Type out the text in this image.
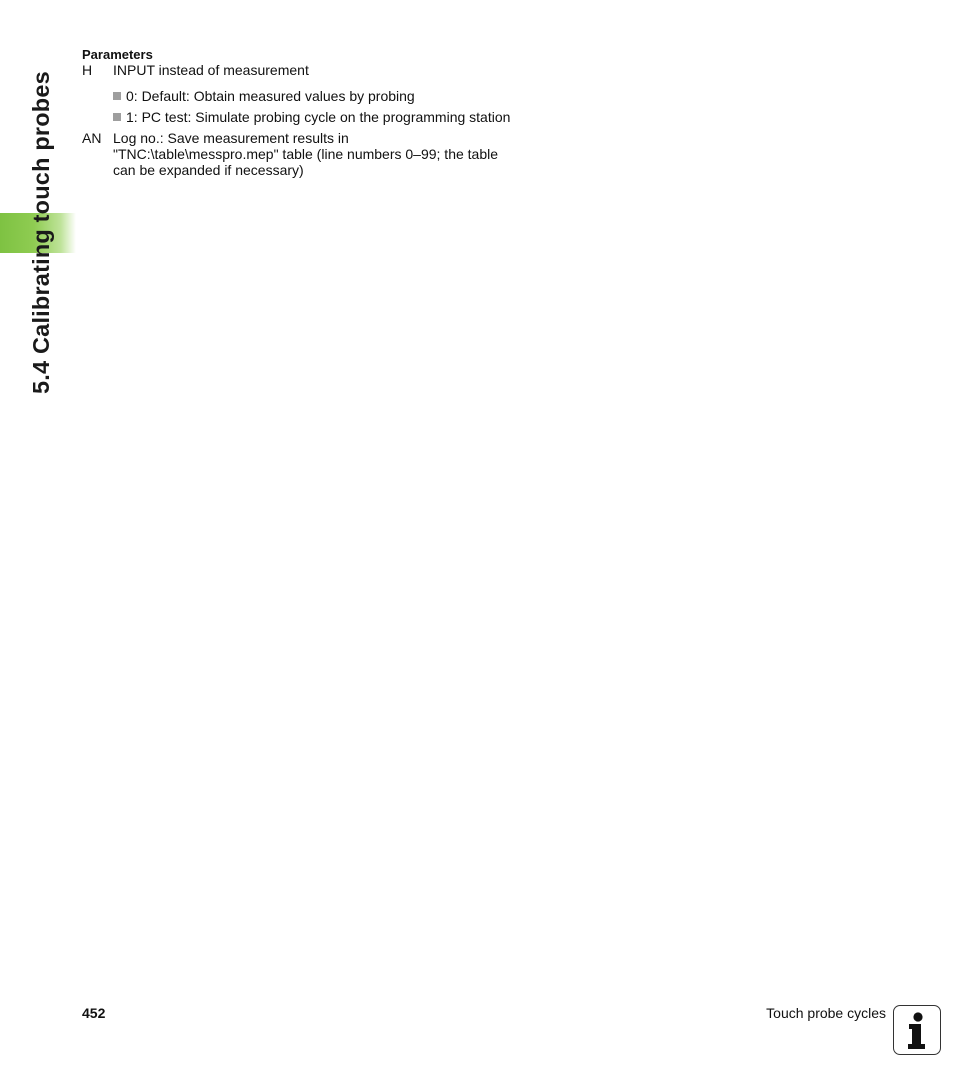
5.4 Calibrating touch probes

Parameters

H	INPUT instead of measurement
0: Default: Obtain measured values by probing
1: PC test: Simulate probing cycle on the programming station
AN Log no.: Save measurement results in
"TNC:\table\messpro.mep" table (line numbers 0–99; the table
can be expanded if necessary)
452	Touch probe cycles
